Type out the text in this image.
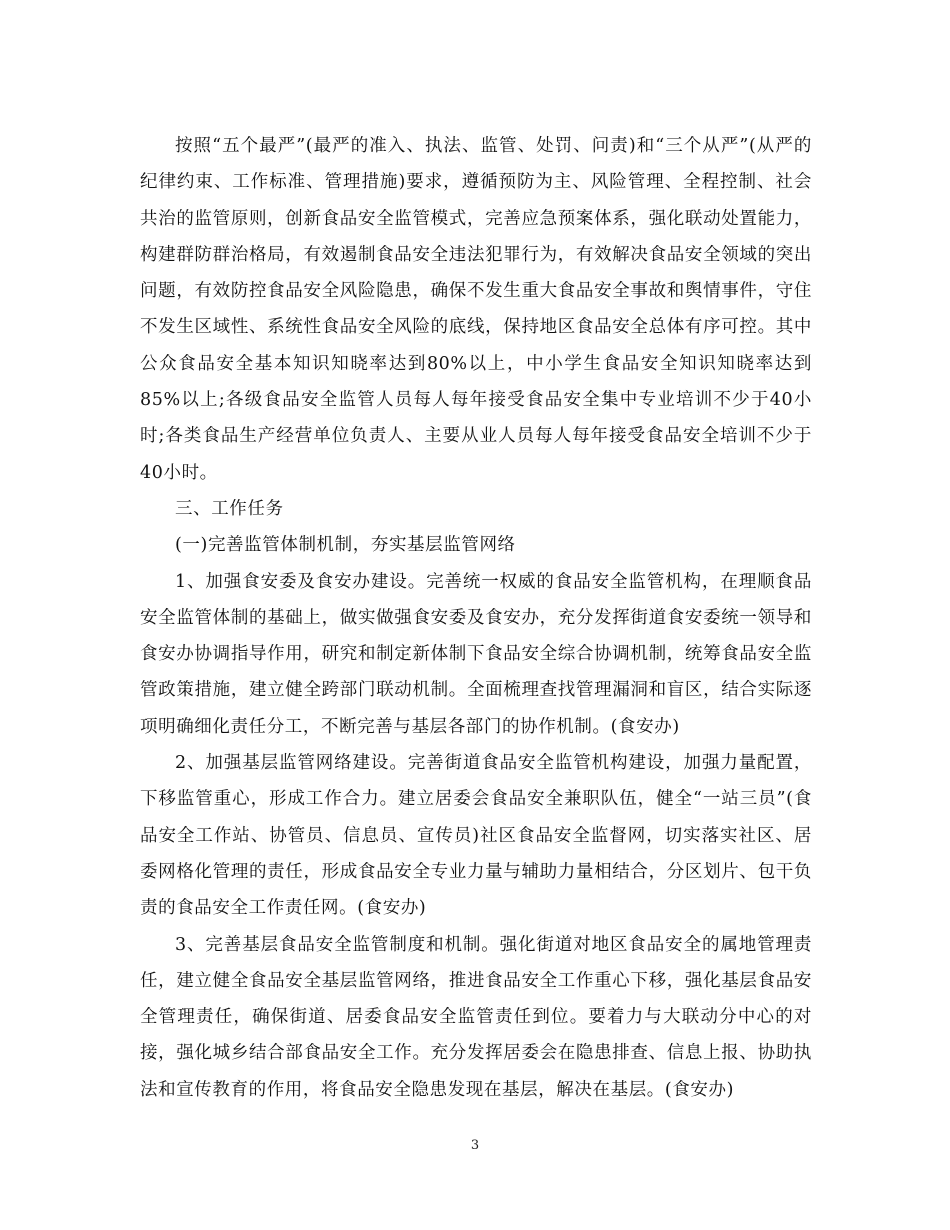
按照“五个最严”(最严的准入、执法、监管、处罚、问责)和“三个从严”(从严的纪律约束、工作标准、管理措施)要求，遵循预防为主、风险管理、全程控制、社会共治的监管原则，创新食品安全监管模式，完善应急预案体系，强化联动处置能力，构建群防群治格局，有效遏制食品安全违法犯罪行为，有效解决食品安全领域的突出问题，有效防控食品安全风险隐患，确保不发生重大食品安全事故和舆情事件，守住不发生区域性、系统性食品安全风险的底线，保持地区食品安全总体有序可控。其中公众食品安全基本知识知晓率达到80%以上，中小学生食品安全知识知晓率达到85%以上;各级食品安全监管人员每人每年接受食品安全集中专业培训不少于40小时;各类食品生产经营单位负责人、主要从业人员每人每年接受食品安全培训不少于40小时。

三、工作任务

(一)完善监管体制机制，夯实基层监管网络

1、加强食安委及食安办建设。完善统一权威的食品安全监管机构，在理顺食品安全监管体制的基础上，做实做强食安委及食安办，充分发挥街道食安委统一领导和食安办协调指导作用，研究和制定新体制下食品安全综合协调机制，统筹食品安全监管政策措施，建立健全跨部门联动机制。全面梳理查找管理漏洞和盲区，结合实际逐项明确细化责任分工，不断完善与基层各部门的协作机制。(食安办)

2、加强基层监管网络建设。完善街道食品安全监管机构建设，加强力量配置，下移监管重心，形成工作合力。建立居委会食品安全兼职队伍，健全“一站三员”(食品安全工作站、协管员、信息员、宣传员)社区食品安全监督网，切实落实社区、居委网格化管理的责任，形成食品安全专业力量与辅助力量相结合，分区划片、包干负责的食品安全工作责任网。(食安办)

3、完善基层食品安全监管制度和机制。强化街道对地区食品安全的属地管理责任，建立健全食品安全基层监管网络，推进食品安全工作重心下移，强化基层食品安全管理责任，确保街道、居委食品安全监管责任到位。要着力与大联动分中心的对接，强化城乡结合部食品安全工作。充分发挥居委会在隐患排查、信息上报、协助执法和宣传教育的作用，将食品安全隐患发现在基层，解决在基层。(食安办)

3
